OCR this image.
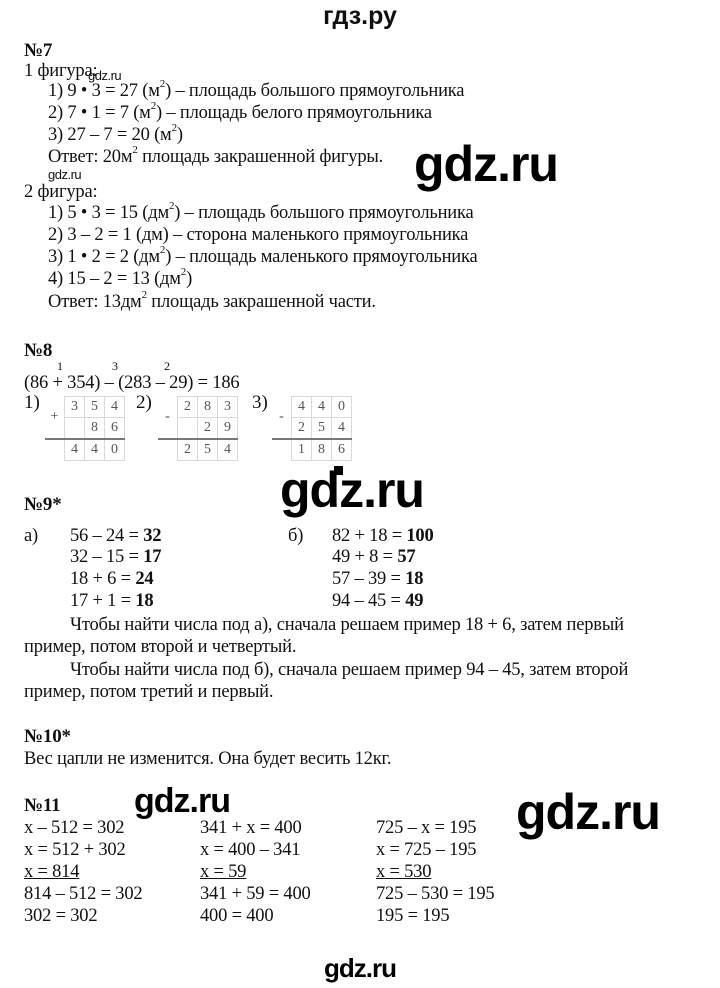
гдз.ру
№7
1 фигура:
gdz.ru
1) 9 • 3 = 27 $(м^2)$ – площадь большого прямоугольника
2) 7 • 1 = 7 $(м^2)$ – площадь белого прямоугольника
3) 27 – 7 = 20 $(м^2)$
Ответ: $20м^2$ площадь закрашенной фигуры. gdz.ru
gdz.ru
2 фигура:
1) 5 • 3 = 15 $(дм^2)$ – площадь большого прямоугольника
2) 3 – 2 = 1 (дм) – сторона маленького прямоугольника
3) 1 • 2 = 2 $(дм^2)$ – площадь маленького прямоугольника
4) 15 – 2 = 13 $(дм^2)$
Ответ: $13дм^2$ площадь закрашенной части.
№8
1	3	2
(86 + 354) – (283 – 29) = 186
1)
+	3	5	4
		8	6
	4	4	0
2)
-	2	8	3
		2	9
	2	5	4
3)
-	4	4	0
	2	5	4
	1	8	6
gdz.ru
№9*
а) 56 – 24 = 32
32 – 15 = 17
18 + 6 = 24
17 + 1 = 18
б) 82 + 18 = 100
49 + 8 = 57
57 – 39 = 18
94 – 45 = 49
Чтобы найти числа под а), сначала решаем пример 18 + 6, затем первый
пример, потом второй и четвертый.
Чтобы найти числа под б), сначала решаем пример 94 – 45, затем второй
пример, потом третий и первый.
№10*
Вес цапли не изменится. Она будет весить 12кг.
gdz.ru	gdz.ru
№11
x – 512 = 302
x = 512 + 302
x = 814
814 – 512 = 302
302 = 302
341 + x = 400
x = 400 – 341
x = 59
341 + 59 = 400
400 = 400
725 – x = 195
x = 725 – 195
x = 530
725 – 530 = 195
195 = 195
gdz.ru
